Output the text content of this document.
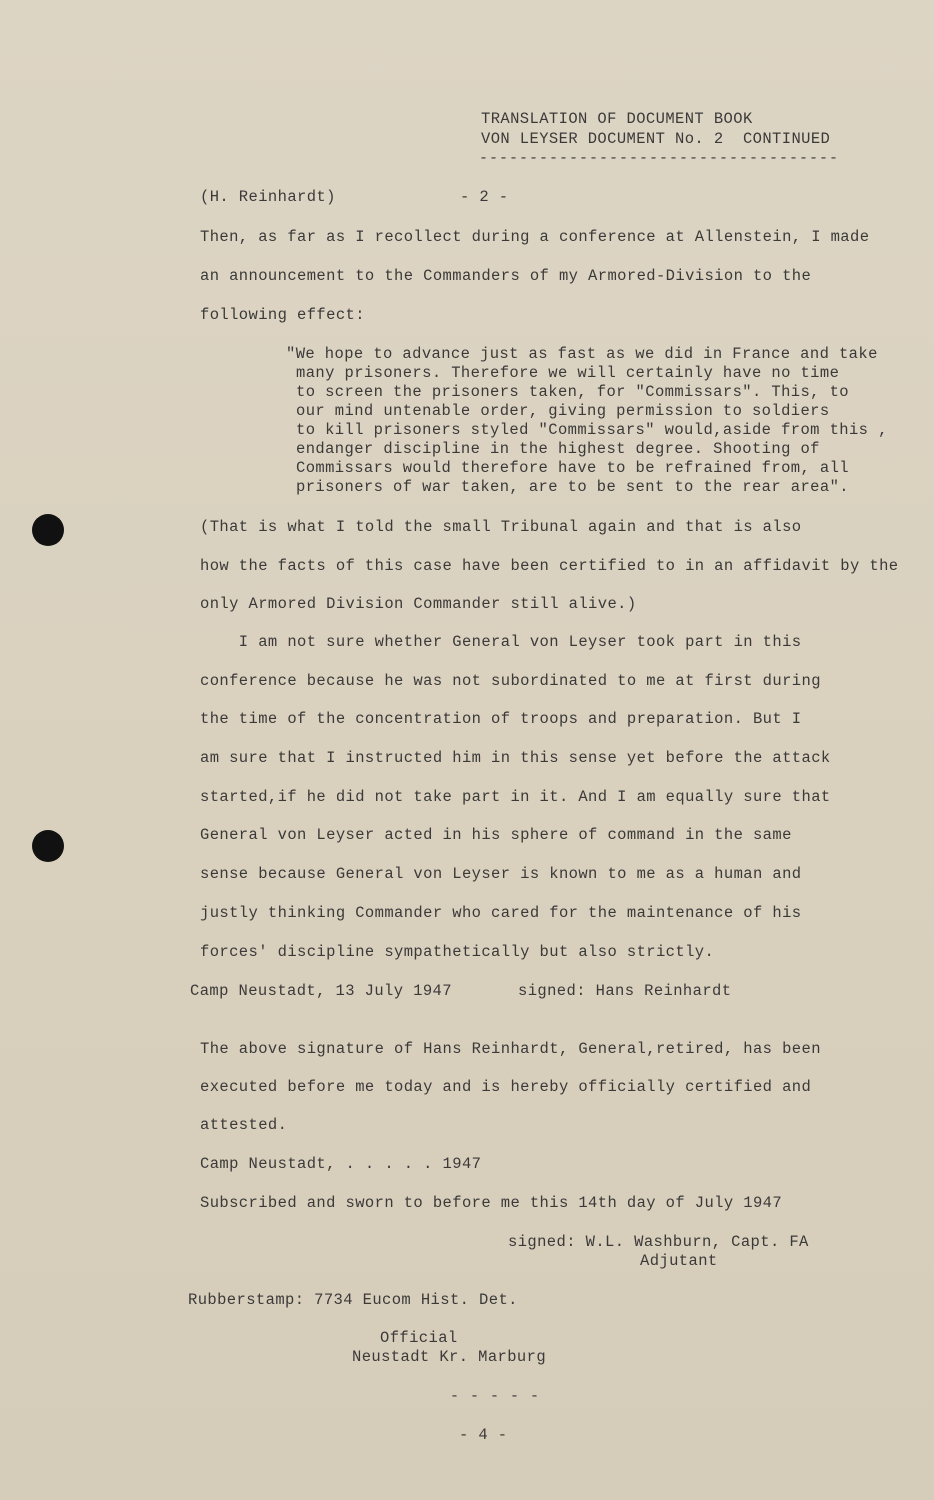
TRANSLATION OF DOCUMENT BOOK
VON LEYSER DOCUMENT No. 2  CONTINUED
------------------------------------
(H. Reinhardt)	- 2 -
Then, as far as I recollect during a conference at Allenstein, I made
an announcement to the Commanders of my Armored-Division to the
following effect:
"We hope to advance just as fast as we did in France and take
many prisoners. Therefore we will certainly have no time
to screen the prisoners taken, for "Commissars". This, to
our mind untenable order, giving permission to soldiers
to kill prisoners styled "Commissars" would,aside from this ,
endanger discipline in the highest degree. Shooting of
Commissars would therefore have to be refrained from, all
prisoners of war taken, are to be sent to the rear area".
(That is what I told the small Tribunal again and that is also
how the facts of this case have been certified to in an affidavit by the
only Armored Division Commander still alive.)
I am not sure whether General von Leyser took part in this
conference because he was not subordinated to me at first during
the time of the concentration of troops and preparation. But I
am sure that I instructed him in this sense yet before the attack
started,if he did not take part in it. And I am equally sure that
General von Leyser acted in his sphere of command in the same
sense because General von Leyser is known to me as a human and
justly thinking Commander who cared for the maintenance of his
forces' discipline sympathetically but also strictly.
Camp Neustadt, 13 July 1947	signed: Hans Reinhardt
The above signature of Hans Reinhardt, General,retired, has been
executed before me today and is hereby officially certified and
attested.
Camp Neustadt, . . . . . 1947
Subscribed and sworn to before me this 14th day of July 1947
signed: W.L. Washburn, Capt. FA
Adjutant
Rubberstamp: 7734 Eucom Hist. Det.
Official
Neustadt Kr. Marburg
- - - - -
- 4 -
